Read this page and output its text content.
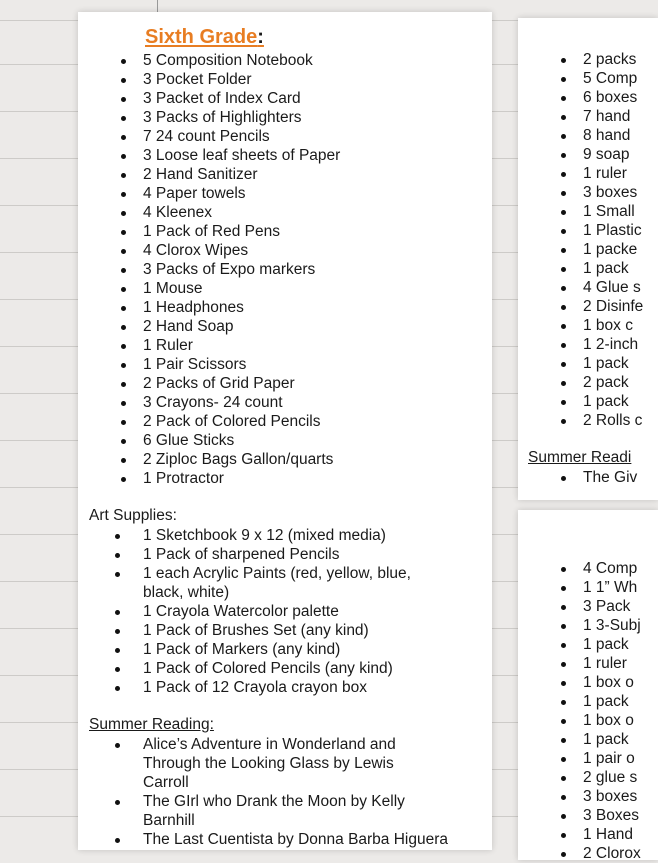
Sixth Grade:
5 Composition Notebook
3 Pocket Folder
3 Packet of Index Card
3 Packs of Highlighters
7 24 count Pencils
3 Loose leaf sheets of Paper
2 Hand Sanitizer
4 Paper towels
4 Kleenex
1 Pack of Red Pens
4 Clorox Wipes
3 Packs of Expo markers
1 Mouse
1 Headphones
2 Hand Soap
1 Ruler
1 Pair Scissors
2 Packs of Grid Paper
3 Crayons- 24 count
2 Pack of Colored Pencils
6 Glue Sticks
2 Ziploc Bags Gallon/quarts
1 Protractor
Art Supplies:
1 Sketchbook 9 x 12 (mixed media)
1 Pack of sharpened Pencils
1 each Acrylic Paints (red, yellow, blue, black, white)
1 Crayola Watercolor palette
1 Pack of Brushes Set (any kind)
1 Pack of Markers (any kind)
1 Pack of Colored Pencils (any kind)
1 Pack of 12 Crayola crayon box
Summer Reading:
Alice’s Adventure in Wonderland and Through the Looking Glass by Lewis Carroll
The GIrl who Drank the Moon by Kelly Barnhill
The Last Cuentista by Donna Barba Higuera
2 packs
5 Comp
6 boxes
7 hand
8 hand
9 soap
1 ruler
3 boxes
1 Small
1 Plastic
1 packe
1 pack
4 Glue s
2 Disinfe
1 box c
1 2-inch
1 pack
2 pack
1 pack
2 Rolls c
Summer Readi
The Giv
4 Comp
1 1” Wh
3 Pack
1 3-Subj
1 pack
1 ruler
1 box o
1 pack
1 box o
1 pack
1 pair o
2 glue s
3 boxes
3 Boxes
1 Hand
2 Clorox
